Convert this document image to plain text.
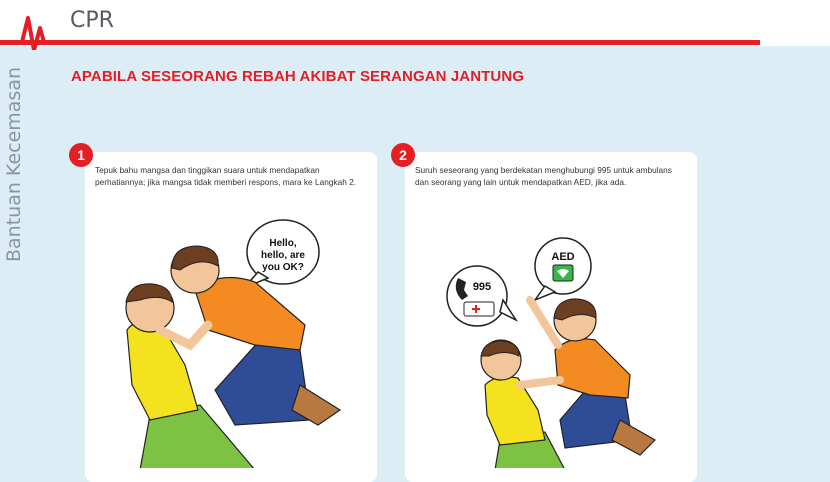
CPR
Bantuan Kecemasan	APABILA SESEORANG REBAH AKIBAT SERANGAN JANTUNG
1	2
Tepuk bahu mangsa dan tinggikan suara untuk mendapatkan perhatiannya; jika mangsa tidak memberi respons, mara ke Langkah 2.
Suruh seseorang yang berdekatan menghubungi 995 untuk ambulans dan seorang yang lain untuk mendapatkan AED, jika ada.
Hello,
hello, are
you OK?
AED
995
